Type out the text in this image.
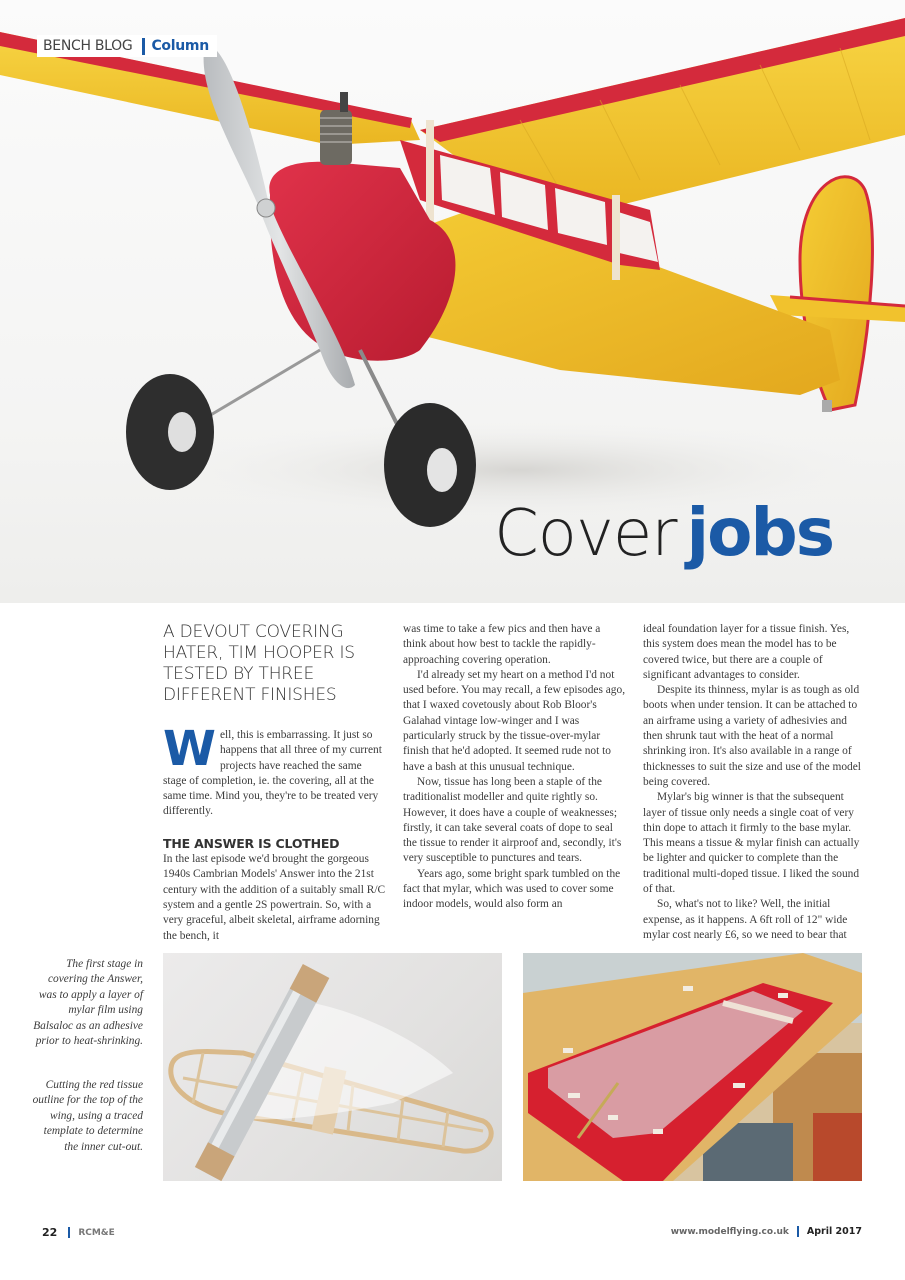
BENCH BLOG Column
Cover jobs
A DEVOUT COVERING HATER, TIM HOOPER IS TESTED BY THREE DIFFERENT FINISHES

Well, this is embarrassing. It just so happens that all three of my current projects have reached the same stage of completion, ie. the covering, all at the same time. Mind you, they're to be treated very differently.

THE ANSWER IS CLOTHED

In the last episode we'd brought the gorgeous 1940s Cambrian Models' Answer into the 21st century with the addition of a suitably small R/C system and a gentle 2S powertrain. So, with a very graceful, albeit skeletal, airframe adorning the bench, it

was time to take a few pics and then have a think about how best to tackle the rapidly-approaching covering operation.

I'd already set my heart on a method I'd not used before. You may recall, a few episodes ago, that I waxed covetously about Rob Bloor's Galahad vintage low-winger and I was particularly struck by the tissue-over-mylar finish that he'd adopted. It seemed rude not to have a bash at this unusual technique.

Now, tissue has long been a staple of the traditionalist modeller and quite rightly so. However, it does have a couple of weaknesses; firstly, it can take several coats of dope to seal the tissue to render it airproof and, secondly, it's very susceptible to punctures and tears.

Years ago, some bright spark tumbled on the fact that mylar, which was used to cover some indoor models, would also form an

ideal foundation layer for a tissue finish. Yes, this system does mean the model has to be covered twice, but there are a couple of significant advantages to consider.

Despite its thinness, mylar is as tough as old boots when under tension. It can be attached to an airframe using a variety of adhesivies and then shrunk taut with the heat of a normal shrinking iron. It's also available in a range of thicknesses to suit the size and use of the model being covered.

Mylar's big winner is that the subsequent layer of tissue only needs a single coat of very thin dope to attach it firmly to the base mylar. This means a tissue & mylar finish can actually be lighter and quicker to complete than the traditional multi-doped tissue. I liked the sound of that.

So, what's not to like? Well, the initial expense, as it happens. A 6ft roll of 12" wide mylar cost nearly £6, so we need to bear that

The first stage in covering the Answer, was to apply a layer of mylar film using Balsaloc as an adhesive prior to heat-shrinking.
Cutting the red tissue outline for the top of the wing, using a traced template to determine the inner cut-out.
22 RCM&E	www.modelflying.co.uk April 2017
